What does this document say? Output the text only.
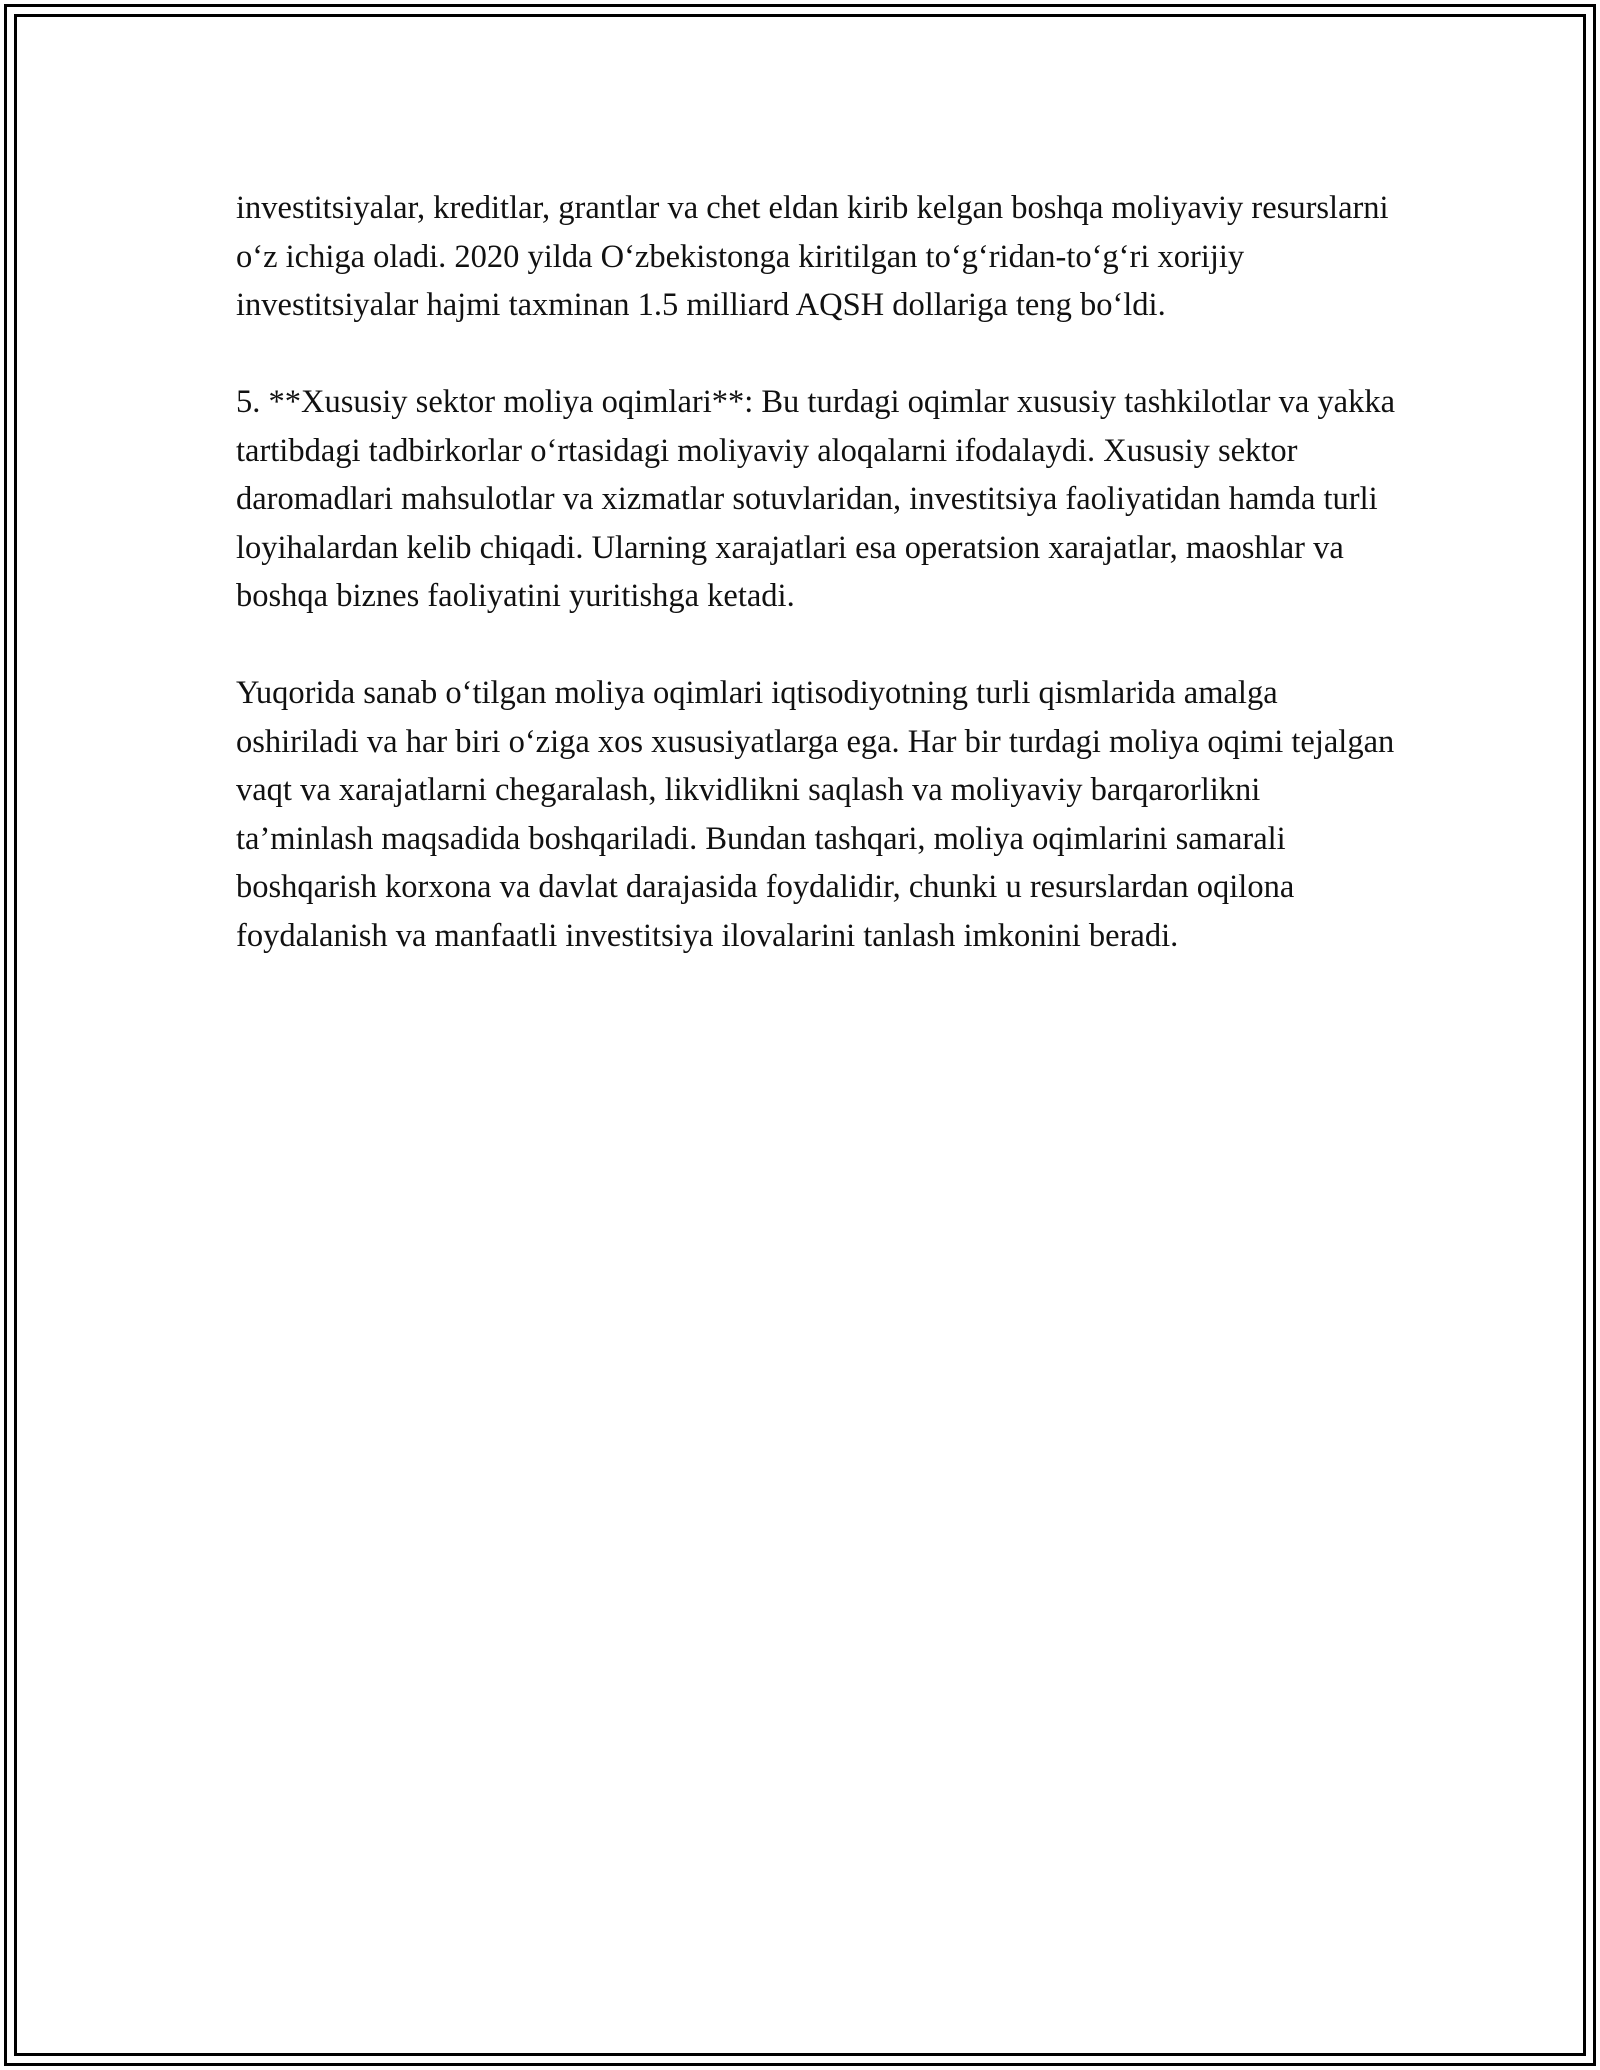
investitsiyalar, kreditlar, grantlar va chet eldan kirib kelgan boshqa moliyaviy resurslarni o‘z ichiga oladi. 2020 yilda O‘zbekistonga kiritilgan to‘g‘ridan-to‘g‘ri xorijiy investitsiyalar hajmi taxminan 1.5 milliard AQSH dollariga teng bo‘ldi.

5. **Xususiy sektor moliya oqimlari**: Bu turdagi oqimlar xususiy tashkilotlar va yakka tartibdagi tadbirkorlar o‘rtasidagi moliyaviy aloqalarni ifodalaydi. Xususiy sektor daromadlari mahsulotlar va xizmatlar sotuvlaridan, investitsiya faoliyatidan hamda turli loyihalardan kelib chiqadi. Ularning xarajatlari esa operatsion xarajatlar, maoshlar va boshqa biznes faoliyatini yuritishga ketadi.

Yuqorida sanab o‘tilgan moliya oqimlari iqtisodiyotning turli qismlarida amalga oshiriladi va har biri o‘ziga xos xususiyatlarga ega. Har bir turdagi moliya oqimi tejalgan vaqt va xarajatlarni chegaralash, likvidlikni saqlash va moliyaviy barqarorlikni ta’minlash maqsadida boshqariladi. Bundan tashqari, moliya oqimlarini samarali boshqarish korxona va davlat darajasida foydalidir, chunki u resurslardan oqilona foydalanish va manfaatli investitsiya ilovalarini tanlash imkonini beradi.
